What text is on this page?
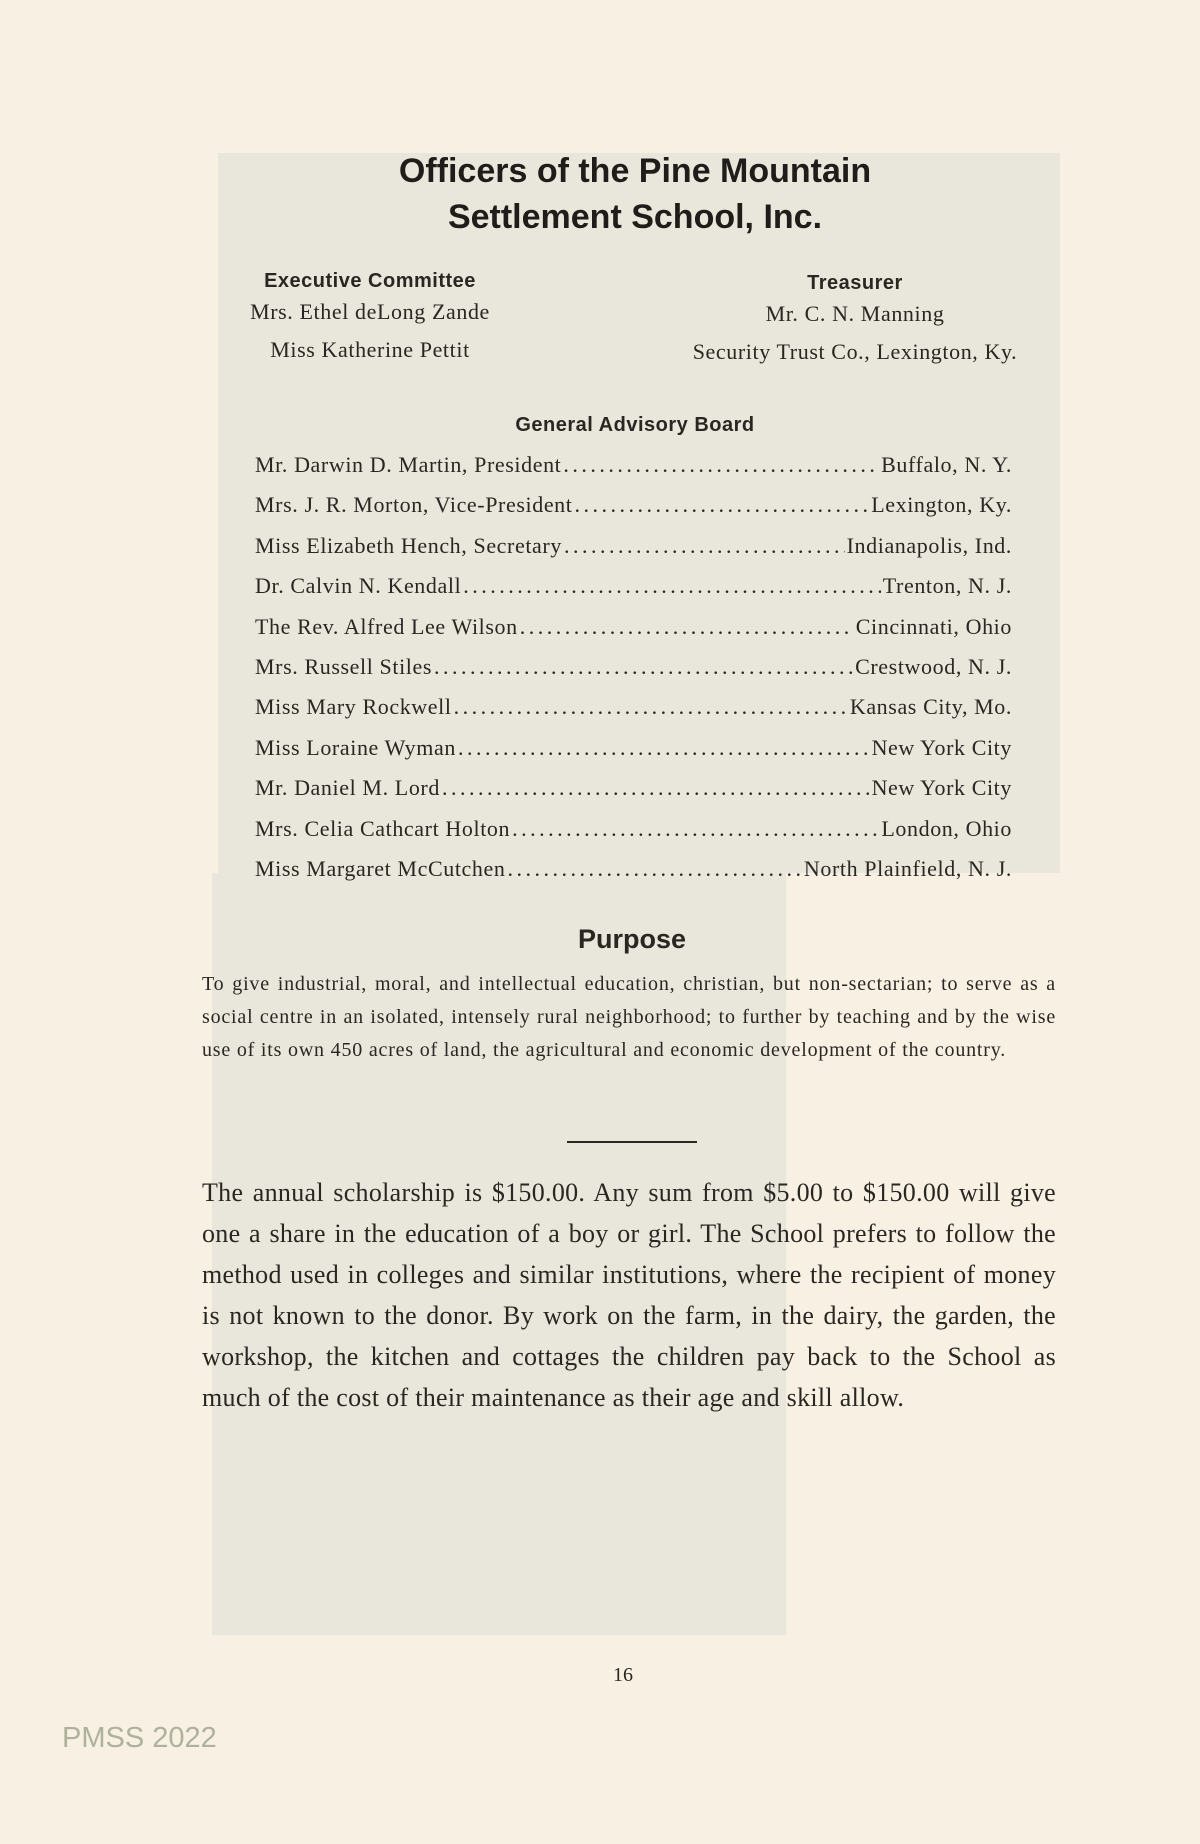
Officers of the Pine Mountain
Settlement School, Inc.
Executive Committee
Mrs. Ethel deLong Zande
Miss Katherine Pettit
Treasurer
Mr. C. N. Manning
Security Trust Co., Lexington, Ky.
General Advisory Board
Mr. Darwin D. Martin, President . . .	Buffalo, N. Y.
Mrs. J. R. Morton, Vice-President . . .	Lexington, Ky.
Miss Elizabeth Hench, Secretary . . .	Indianapolis, Ind.
Dr. Calvin N. Kendall . . .	Trenton, N. J.
The Rev. Alfred Lee Wilson . . .	Cincinnati, Ohio
Mrs. Russell Stiles . . .	Crestwood, N. J.
Miss Mary Rockwell . . .	Kansas City, Mo.
Miss Loraine Wyman . . .	New York City
Mr. Daniel M. Lord . . .	New York City
Mrs. Celia Cathcart Holton . . .	London, Ohio
Miss Margaret McCutchen . . .	North Plainfield, N. J.
Purpose
To give industrial, moral, and intellectual education, christian, but non-sectarian; to serve as a social centre in an isolated, intensely rural neighborhood; to further by teaching and by the wise use of its own 450 acres of land, the agricultural and economic development of the country.
The annual scholarship is $150.00. Any sum from $5.00 to $150.00 will give one a share in the education of a boy or girl. The School prefers to follow the method used in colleges and similar institutions, where the recipient of money is not known to the donor. By work on the farm, in the dairy, the garden, the workshop, the kitchen and cottages the children pay back to the School as much of the cost of their maintenance as their age and skill allow.
16
PMSS 2022
